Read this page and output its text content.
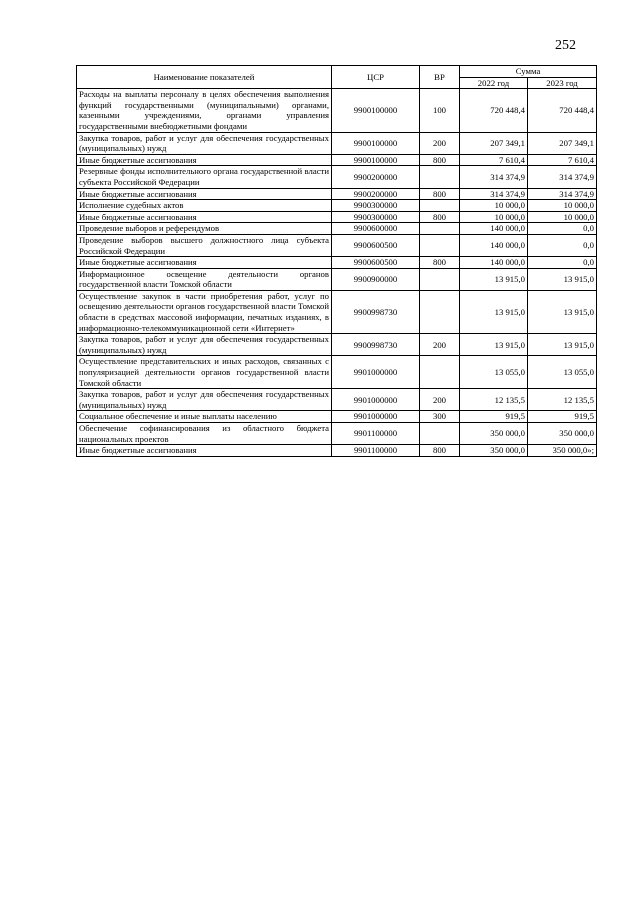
252
Наименование показателей	ЦСР	ВР	Сумма	
			2022 год	2023 год
Расходы на выплаты персоналу в целях обеспечения выполнения функций государственными (муниципальными) органами, казенными учреждениями, органами управления государственными внебюджетными фондами	9900100000	100	720 448,4	720 448,4
Закупка товаров, работ и услуг для обеспечения государственных (муниципальных) нужд	9900100000	200	207 349,1	207 349,1
Иные бюджетные ассигнования	9900100000	800	7 610,4	7 610,4
Резервные фонды исполнительного органа государственной власти субъекта Российской Федерации	9900200000		314 374,9	314 374,9
Иные бюджетные ассигнования	9900200000	800	314 374,9	314 374,9
Исполнение судебных актов	9900300000		10 000,0	10 000,0
Иные бюджетные ассигнования	9900300000	800	10 000,0	10 000,0
Проведение выборов и референдумов	9900600000		140 000,0	0,0
Проведение выборов высшего должностного лица субъекта Российской Федерации	9900600500		140 000,0	0,0
Иные бюджетные ассигнования	9900600500	800	140 000,0	0,0
Информационное освещение деятельности органов государственной власти Томской области	9900900000		13 915,0	13 915,0
Осуществление закупок в части приобретения работ, услуг по освещению деятельности органов государственной власти Томской области в средствах массовой информации, печатных изданиях, в информационно-телекоммуникационной сети «Интернет»	9900998730		13 915,0	13 915,0
Закупка товаров, работ и услуг для обеспечения государственных (муниципальных) нужд	9900998730	200	13 915,0	13 915,0
Осуществление представительских и иных расходов, связанных с популяризацией деятельности органов государственной власти Томской области	9901000000		13 055,0	13 055,0
Закупка товаров, работ и услуг для обеспечения государственных (муниципальных) нужд	9901000000	200	12 135,5	12 135,5
Социальное обеспечение и иные выплаты населению	9901000000	300	919,5	919,5
Обеспечение софинансирования из областного бюджета национальных проектов	9901100000		350 000,0	350 000,0
Иные бюджетные ассигнования	9901100000	800	350 000,0	350 000,0»;
